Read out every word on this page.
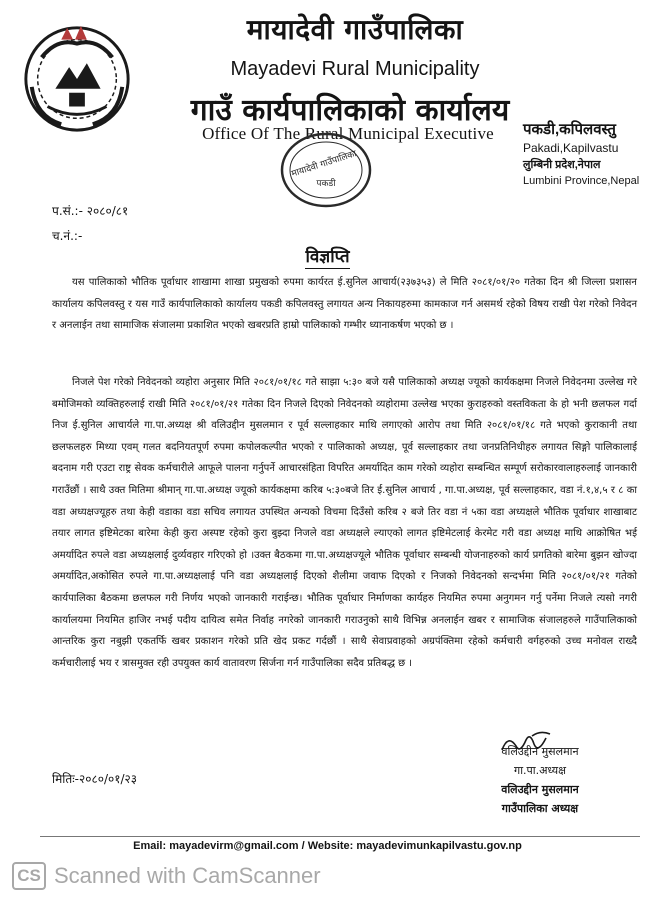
मायादेवी गाउँपालिका
Mayadevi Rural Municipality
गाउँ कार्यपालिकाको कार्यालय
Office Of The Rural Municipal Executive	पकडी,कपिलवस्तु
Pakadi,Kapilvastu
लुम्बिनी प्रदेश,नेपाल
Lumbini Province,Nepal
मायादेवी गाउँपालिका
पकडी
प.सं.:- २०८०/८१
च.नं.:-
विज्ञप्ति

यस पालिकाको भौतिक पूर्वाधार शाखामा शाखा प्रमुखको रुपमा कार्यरत ई.सुनिल आचार्य(२३७३५३) ले मिति २०८१/०१/२० गतेका दिन श्री जिल्ला प्रशासन कार्यालय कपिलवस्तु र यस गाउँ कार्यपालिकाको कार्यालय पकडी कपिलवस्तु लगायत अन्य निकायहरुमा कामकाज गर्न असमर्थ रहेको विषय राखी पेश गरेको निवेदन र अनलाईन तथा सामाजिक संजालमा प्रकाशित भएको खबरप्रति हाम्रो पालिकाको गम्भीर ध्यानाकर्षण भएको छ ।

निजले पेश गरेको निवेदनको व्यहोरा अनुसार मिति २०८१/०१/१८ गते साझा ५:३० बजे यसै पालिकाको अध्यक्ष ज्यूको कार्यकक्षमा निजले निवेदनमा उल्लेख गरे बमोजिमको व्यक्तिहरुलाई राखी मिति २०८१/०१/२१ गतेका दिन निजले दिएको निवेदनको व्यहोरामा उल्लेख भएका कुराहरुको वस्तविकता के हो भनी छलफल गर्दा निज ई.सुनिल आचार्यले गा.पा.अध्यक्ष श्री वलिउद्दीन मुसलमान र पूर्व सल्लाहकार माथि लगाएको आरोप तथा मिति २०८१/०१/१८ गते भएको कुराकानी तथा छलफलहरु मिथ्या एवम् गलत बदनियतपूर्ण रुपमा कपोलकल्पीत भएको र पालिकाको अध्यक्ष, पूर्व सल्लाहकार तथा जनप्रतिनिधीहरु लगायत सिङ्गो पालिकालाई बदनाम गरी एउटा राष्ट्र सेवक कर्मचारीले आफूले पालना गर्नुपर्ने आचारसंहिता विपरित अमर्यादित काम गरेको व्यहोरा सम्बन्धित सम्पूर्ण सरोकारवालाहरुलाई जानकारी गराउँछौं । साथै उक्त मितिमा श्रीमान् गा.पा.अध्यक्ष ज्यूको कार्यकक्षमा करिब ५:३०बजे तिर ई.सुनिल आचार्य , गा.पा.अध्यक्ष, पूर्व सल्लाहकार, वडा नं.१,४,५ र ८ का वडा अध्यक्षज्यूहरु तथा केही वडाका वडा सचिव लगायत उपस्थित अन्यको विचमा दिउँसो करिब २ बजे तिर वडा नं ५का वडा अध्यक्षले भौतिक पूर्वाधार शाखाबाट तयार लागत इष्टिमेटका बारेमा केही कुरा अस्पष्ट रहेको कुरा बुझ्दा निजले वडा अध्यक्षले ल्याएको लागत इष्टिमेटलाई केरमेट गरी वडा अध्यक्ष माथि आक्रोषित भई अमर्यादित रुपले वडा अध्यक्षलाई दुर्व्यवहार गरिएको हो ।उक्त बैठकमा गा.पा.अध्यक्षज्यूले भौतिक पूर्वाधार सम्बन्धी योजनाहरुको कार्य प्रगतिको बारेमा बुझन खोज्दा अमर्यादित,अकोसित रुपले गा.पा.अध्यक्षलाई पनि वडा अध्यक्षलाई दिएको शैलीमा जवाफ दिएको र निजको निवेदनको सन्दर्भमा मिति २०८१/०१/२१ गतेको कार्यपालिका बैठकमा छलफल गरी निर्णय भएको जानकारी गराईन्छ। भौतिक पूर्वाधार निर्माणका कार्यहरु नियमित रुपमा अनुगमन गर्नु पर्नेमा निजले त्यसो नगरी कार्यालयमा नियमित हाजिर नभई पदीय दायित्व समेत निर्वाह नगरेको जानकारी गराउनुको साथै विभिन्न अनलाईन खबर र सामाजिक संजालहरुले गाउँपालिकाको आन्तरिक कुरा नबुझी एकतर्फि खबर प्रकाशन गरेको प्रति खेद प्रकट गर्दछौं । साथै सेवाप्रवाहको अग्रपंक्तिमा रहेको कर्मचारी वर्गहरुको उच्च मनोवल राख्दै कर्मचारीलाई भय र त्रासमुक्त रही उपयुक्त कार्य वातावरण सिर्जना गर्न गाउँपालिका सदैव प्रतिबद्ध छ ।

मितिः-२०८०/०१/२३
वलिउद्दीन मुसलमान
गा.पा.अध्यक्ष
वलिउद्दीन मुसलमान
गाउँपालिका अध्यक्ष
Email: mayadevirm@gmail.com / Website: mayadevimunkapilvastu.gov.np
CS Scanned with CamScanner
